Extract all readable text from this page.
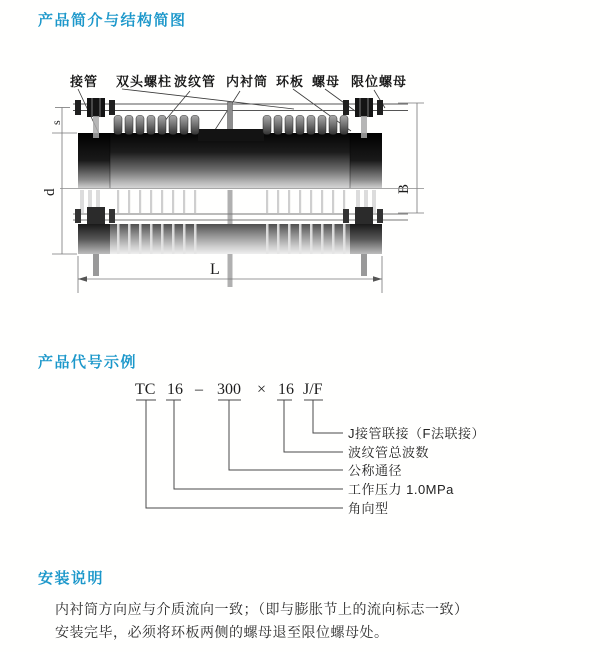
产品简介与结构简图
接管 双头螺柱 波纹管 内衬筒 环板 螺母 限位螺母
B
s
d
L
产品代号示例
TC 16 – 300 × 16 J/F
J接管联接（F法联接）
波纹管总波数
公称通径
工作压力 1.0MPa
角向型
安装说明
内衬筒方向应与介质流向一致；（即与膨胀节上的流向标志一致）
安装完毕，必须将环板两侧的螺母退至限位螺母处。
